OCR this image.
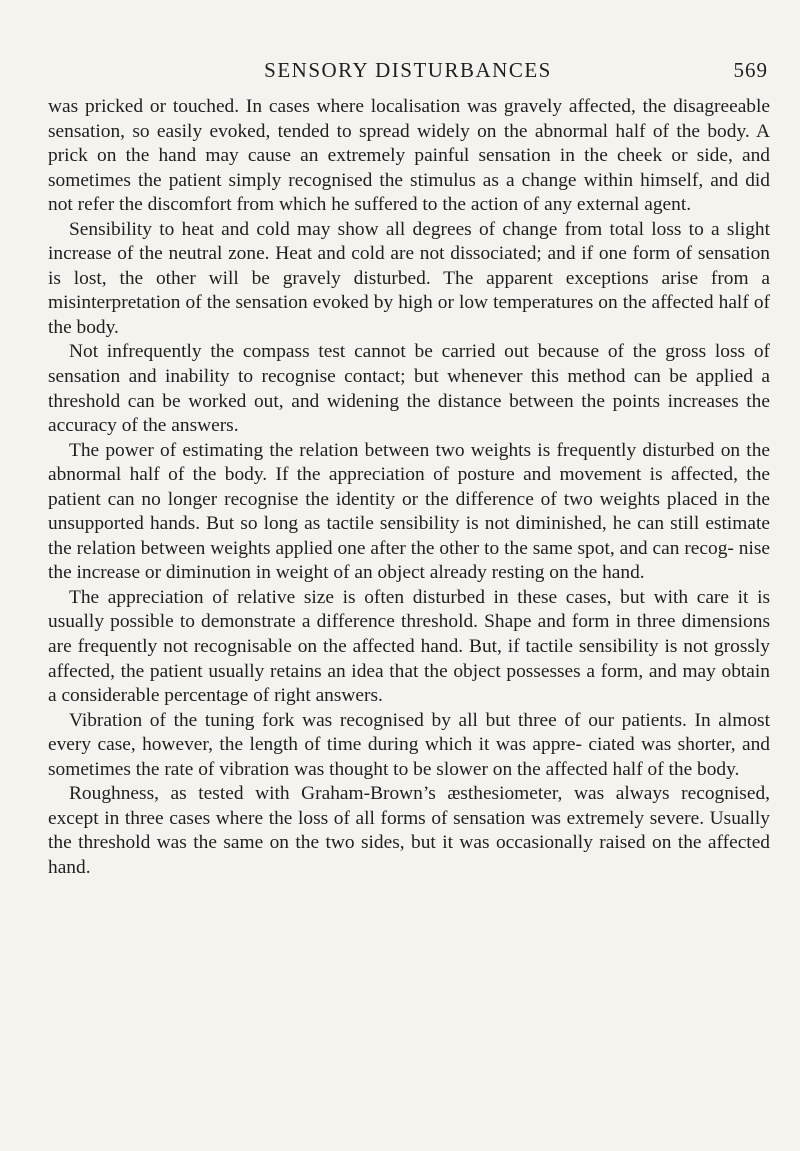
SENSORY DISTURBANCES	569

was pricked or touched. In cases where localisation was gravely affected, the disagreeable sensation, so easily evoked, tended to spread widely on the abnormal half of the body. A prick on the hand may cause an extremely painful sensation in the cheek or side, and sometimes the patient simply recognised the stimulus as a change within himself, and did not refer the discomfort from which he suffered to the action of any external agent.

Sensibility to heat and cold may show all degrees of change from total loss to a slight increase of the neutral zone. Heat and cold are not dissociated; and if one form of sensation is lost, the other will be gravely disturbed. The apparent exceptions arise from a misinterpretation of the sensation evoked by high or low temperatures on the affected half of the body.

Not infrequently the compass test cannot be carried out because of the gross loss of sensation and inability to recognise contact; but whenever this method can be applied a threshold can be worked out, and widening the distance between the points increases the accuracy of the answers.

The power of estimating the relation between two weights is frequently disturbed on the abnormal half of the body. If the appreciation of posture and movement is affected, the patient can no longer recognise the identity or the difference of two weights placed in the unsupported hands. But so long as tactile sensibility is not diminished, he can still estimate the relation between weights applied one after the other to the same spot, and can recog- nise the increase or diminution in weight of an object already resting on the hand.

The appreciation of relative size is often disturbed in these cases, but with care it is usually possible to demonstrate a difference threshold. Shape and form in three dimensions are frequently not recognisable on the affected hand. But, if tactile sensibility is not grossly affected, the patient usually retains an idea that the object possesses a form, and may obtain a considerable percentage of right answers.

Vibration of the tuning fork was recognised by all but three of our patients. In almost every case, however, the length of time during which it was appre- ciated was shorter, and sometimes the rate of vibration was thought to be slower on the affected half of the body.

Roughness, as tested with Graham-Brown’s æsthesiometer, was always recognised, except in three cases where the loss of all forms of sensation was extremely severe. Usually the threshold was the same on the two sides, but it was occasionally raised on the affected hand.
